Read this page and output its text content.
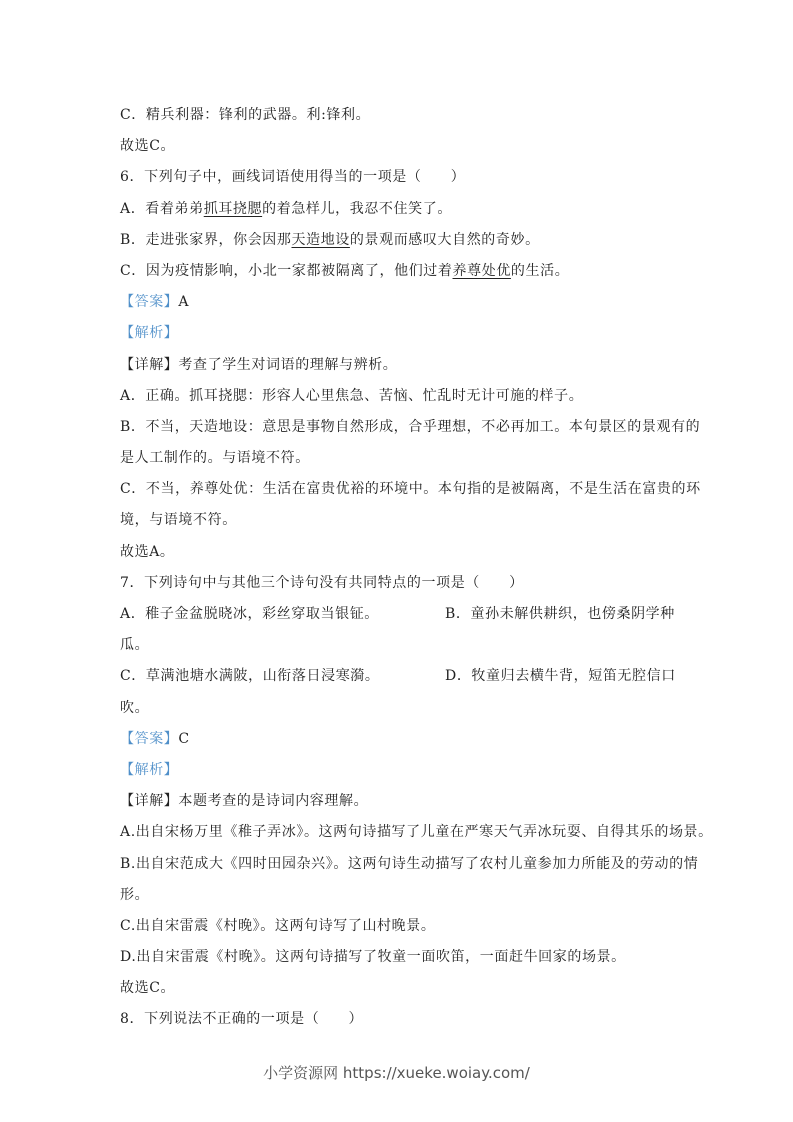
C．精兵利器：锋利的武器。利:锋利。
故选C。
6．下列句子中，画线词语使用得当的一项是（　　）
A．看着弟弟抓耳挠腮的着急样儿，我忍不住笑了。
B．走进张家界，你会因那天造地设的景观而感叹大自然的奇妙。
C．因为疫情影响，小北一家都被隔离了，他们过着养尊处优的生活。
【答案】A
【解析】
【详解】考查了学生对词语的理解与辨析。
A．正确。抓耳挠腮：形容人心里焦急、苦恼、忙乱时无计可施的样子。
B．不当，天造地设：意思是事物自然形成，合乎理想，不必再加工。本句景区的景观有的
是人工制作的。与语境不符。
C．不当，养尊处优：生活在富贵优裕的环境中。本句指的是被隔离，不是生活在富贵的环
境，与语境不符。
故选A。
7．下列诗句中与其他三个诗句没有共同特点的一项是（　　）
A．稚子金盆脱晓冰，彩丝穿取当银钲。	B．童孙未解供耕织，也傍桑阴学种
瓜。
C．草满池塘水满陂，山衔落日浸寒漪。	D．牧童归去横牛背，短笛无腔信口
吹。
【答案】C
【解析】
【详解】本题考查的是诗词内容理解。
A.出自宋杨万里《稚子弄冰》。这两句诗描写了儿童在严寒天气弄冰玩耍、自得其乐的场景。
B.出自宋范成大《四时田园杂兴》。这两句诗生动描写了农村儿童参加力所能及的劳动的情
形。
C.出自宋雷震《村晚》。这两句诗写了山村晚景。
D.出自宋雷震《村晚》。这两句诗描写了牧童一面吹笛，一面赶牛回家的场景。
故选C。
8．下列说法不正确的一项是（　　）
小学资源网 https://xueke.woiay.com/
